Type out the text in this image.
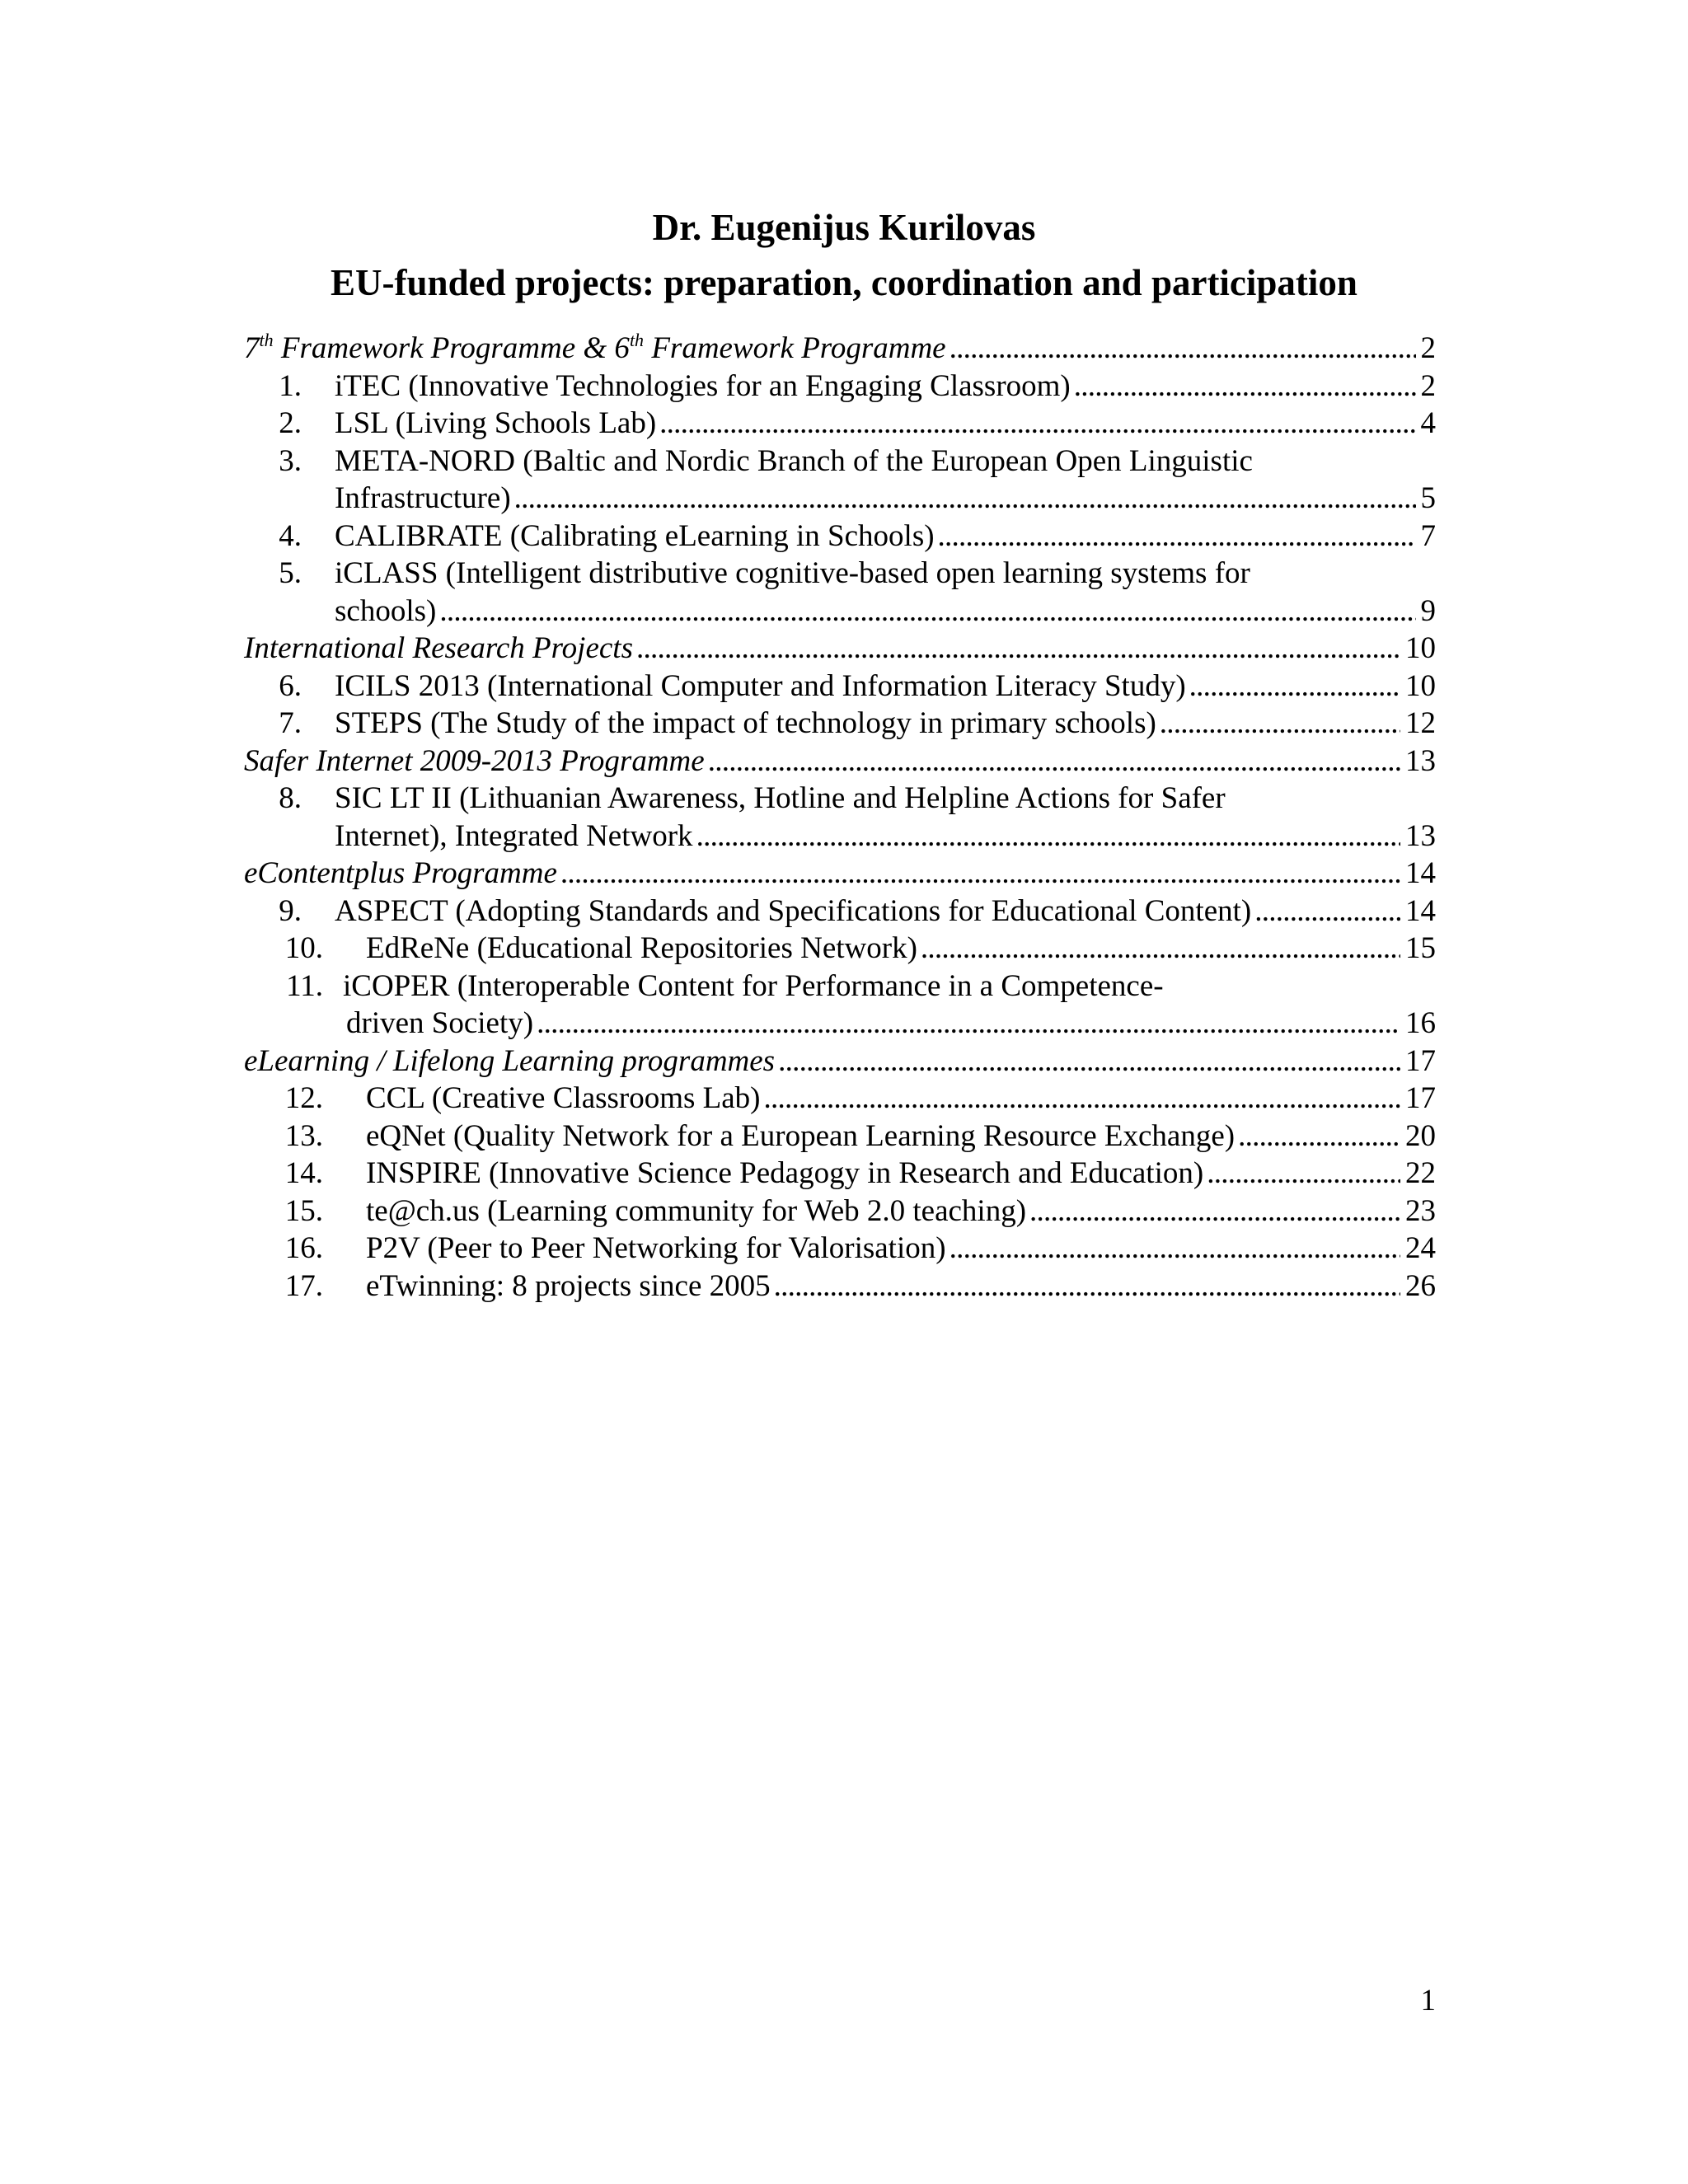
Dr. Eugenijus Kurilovas
EU-funded projects: preparation, coordination and participation
7th Framework Programme & 6th Framework Programme . . .	2
1. iTEC (Innovative Technologies for an Engaging Classroom) . . .	2
2. LSL (Living Schools Lab) . . .	4
3. META-NORD (Baltic and Nordic Branch of the European Open Linguistic
Infrastructure) . . .	5
4. CALIBRATE (Calibrating eLearning in Schools) . . .	7
5. iCLASS (Intelligent distributive cognitive-based open learning systems for
schools) . . .	9
International Research Projects . . .	10
6. ICILS 2013 (International Computer and Information Literacy Study) . . .	10
7. STEPS (The Study of the impact of technology in primary schools) . . .	12
Safer Internet 2009-2013 Programme . . .	13
8. SIC LT II (Lithuanian Awareness, Hotline and Helpline Actions for Safer
Internet), Integrated Network . . .	13
eContentplus Programme . . .	14
9. ASPECT (Adopting Standards and Specifications for Educational Content) . . .	14
10. EdReNe (Educational Repositories Network) . . .	15
11. iCOPER (Interoperable Content for Performance in a Competence-
driven Society) . . .	16
eLearning / Lifelong Learning programmes . . .	17
12. CCL (Creative Classrooms Lab) . . .	17
13. eQNet (Quality Network for a European Learning Resource Exchange) . . .	20
14. INSPIRE (Innovative Science Pedagogy in Research and Education) . . .	22
15. te@ch.us (Learning community for Web 2.0 teaching) . . .	23
16. P2V (Peer to Peer Networking for Valorisation) . . .	24
17. eTwinning: 8 projects since 2005 . . .	26
1
